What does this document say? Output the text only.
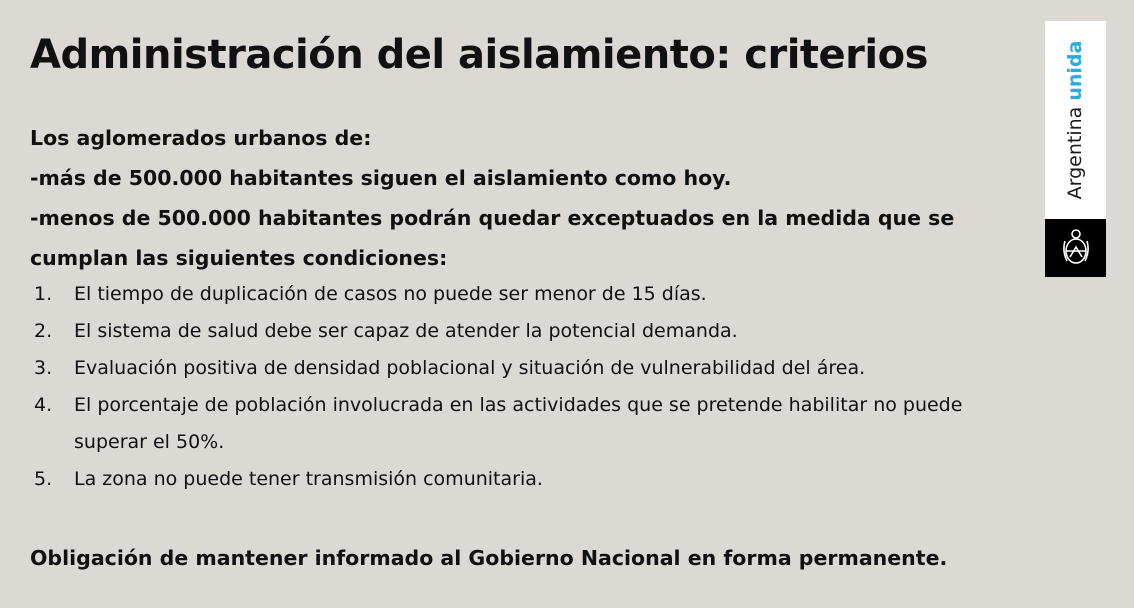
Administración del aislamiento: criterios
Los aglomerados urbanos de:
-más de 500.000 habitantes siguen el aislamiento como hoy.
-menos de 500.000 habitantes podrán quedar exceptuados en la medida que se
cumplan las siguientes condiciones:
1. El tiempo de duplicación de casos no puede ser menor de 15 días.
2. El sistema de salud debe ser capaz de atender la potencial demanda.
3. Evaluación positiva de densidad poblacional y situación de vulnerabilidad del área.
4. El porcentaje de población involucrada en las actividades que se pretende habilitar no puede
superar el 50%.
5. La zona no puede tener transmisión comunitaria.
Obligación de mantener informado al Gobierno Nacional en forma permanente.
Argentina unida
